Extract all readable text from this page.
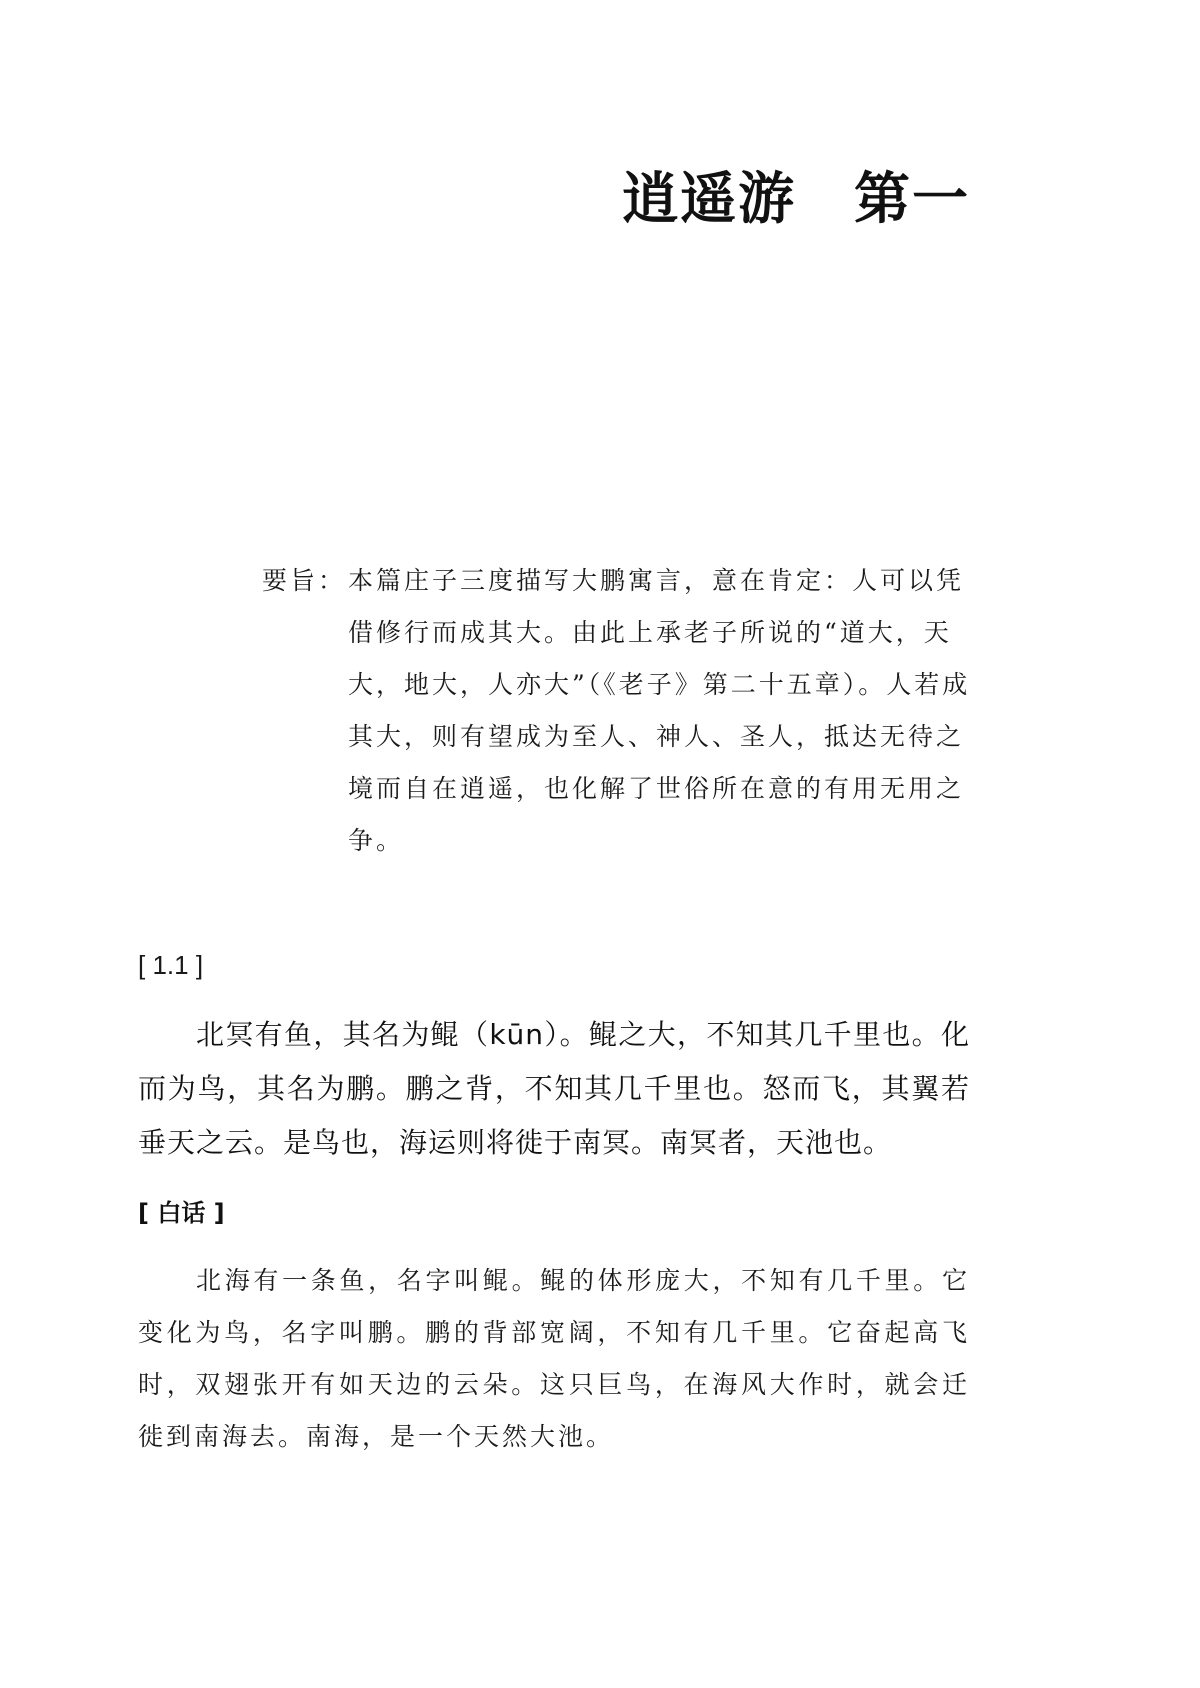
逍遥游　第一
要旨： 本篇庄子三度描写大鹏寓言，意在肯定：人可以凭借修行而成其大。由此上承老子所说的“道大，天大，地大，人亦大”（《老子》第二十五章）。人若成其大，则有望成为至人、神人、圣人，抵达无待之境而自在逍遥，也化解了世俗所在意的有用无用之争。
[ 1.1 ]

北冥有鱼，其名为鲲（kūn）。鲲之大，不知其几千里也。化而为鸟，其名为鹏。鹏之背，不知其几千里也。怒而飞，其翼若垂天之云。是鸟也，海运则将徙于南冥。南冥者，天池也。

[ 白话 ]

北海有一条鱼，名字叫鲲。鲲的体形庞大，不知有几千里。它变化为鸟，名字叫鹏。鹏的背部宽阔，不知有几千里。它奋起高飞时，双翅张开有如天边的云朵。这只巨鸟，在海风大作时，就会迁徙到南海去。南海，是一个天然大池。
